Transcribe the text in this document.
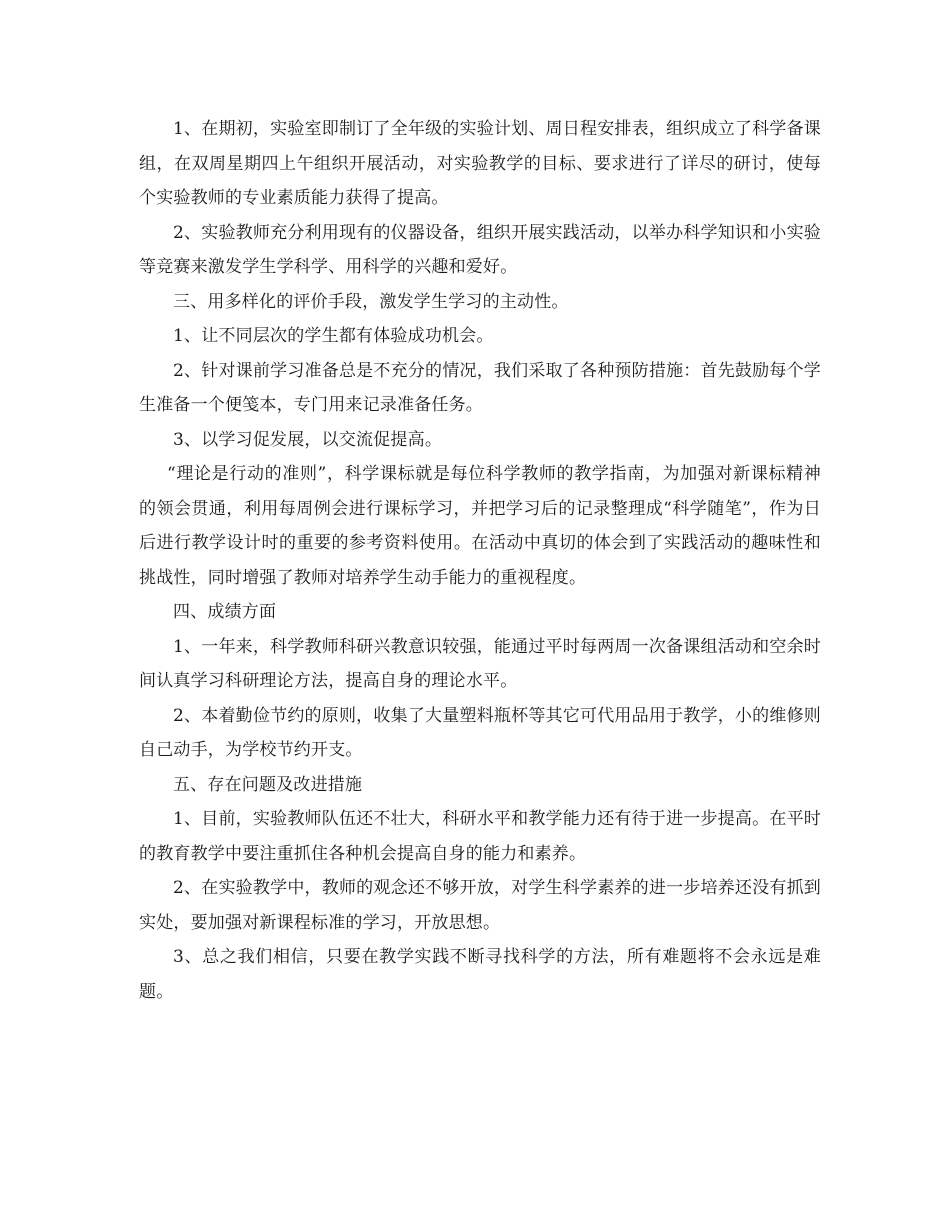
1、在期初，实验室即制订了全年级的实验计划、周日程安排表，组织成立了科学备课组，在双周星期四上午组织开展活动，对实验教学的目标、要求进行了详尽的研讨，使每个实验教师的专业素质能力获得了提高。

2、实验教师充分利用现有的仪器设备，组织开展实践活动，以举办科学知识和小实验等竞赛来激发学生学科学、用科学的兴趣和爱好。

三、用多样化的评价手段，激发学生学习的主动性。

1、让不同层次的学生都有体验成功机会。

2、针对课前学习准备总是不充分的情况，我们采取了各种预防措施：首先鼓励每个学生准备一个便笺本，专门用来记录准备任务。

3、以学习促发展，以交流促提高。

“理论是行动的准则”，科学课标就是每位科学教师的教学指南，为加强对新课标精神的领会贯通，利用每周例会进行课标学习，并把学习后的记录整理成“科学随笔”，作为日后进行教学设计时的重要的参考资料使用。在活动中真切的体会到了实践活动的趣味性和挑战性，同时增强了教师对培养学生动手能力的重视程度。

四、成绩方面

1、一年来，科学教师科研兴教意识较强，能通过平时每两周一次备课组活动和空余时间认真学习科研理论方法，提高自身的理论水平。

2、本着勤俭节约的原则，收集了大量塑料瓶杯等其它可代用品用于教学，小的维修则自己动手，为学校节约开支。

五、存在问题及改进措施

1、目前，实验教师队伍还不壮大，科研水平和教学能力还有待于进一步提高。在平时的教育教学中要注重抓住各种机会提高自身的能力和素养。

2、在实验教学中，教师的观念还不够开放，对学生科学素养的进一步培养还没有抓到实处，要加强对新课程标准的学习，开放思想。

3、总之我们相信，只要在教学实践不断寻找科学的方法，所有难题将不会永远是难题。
